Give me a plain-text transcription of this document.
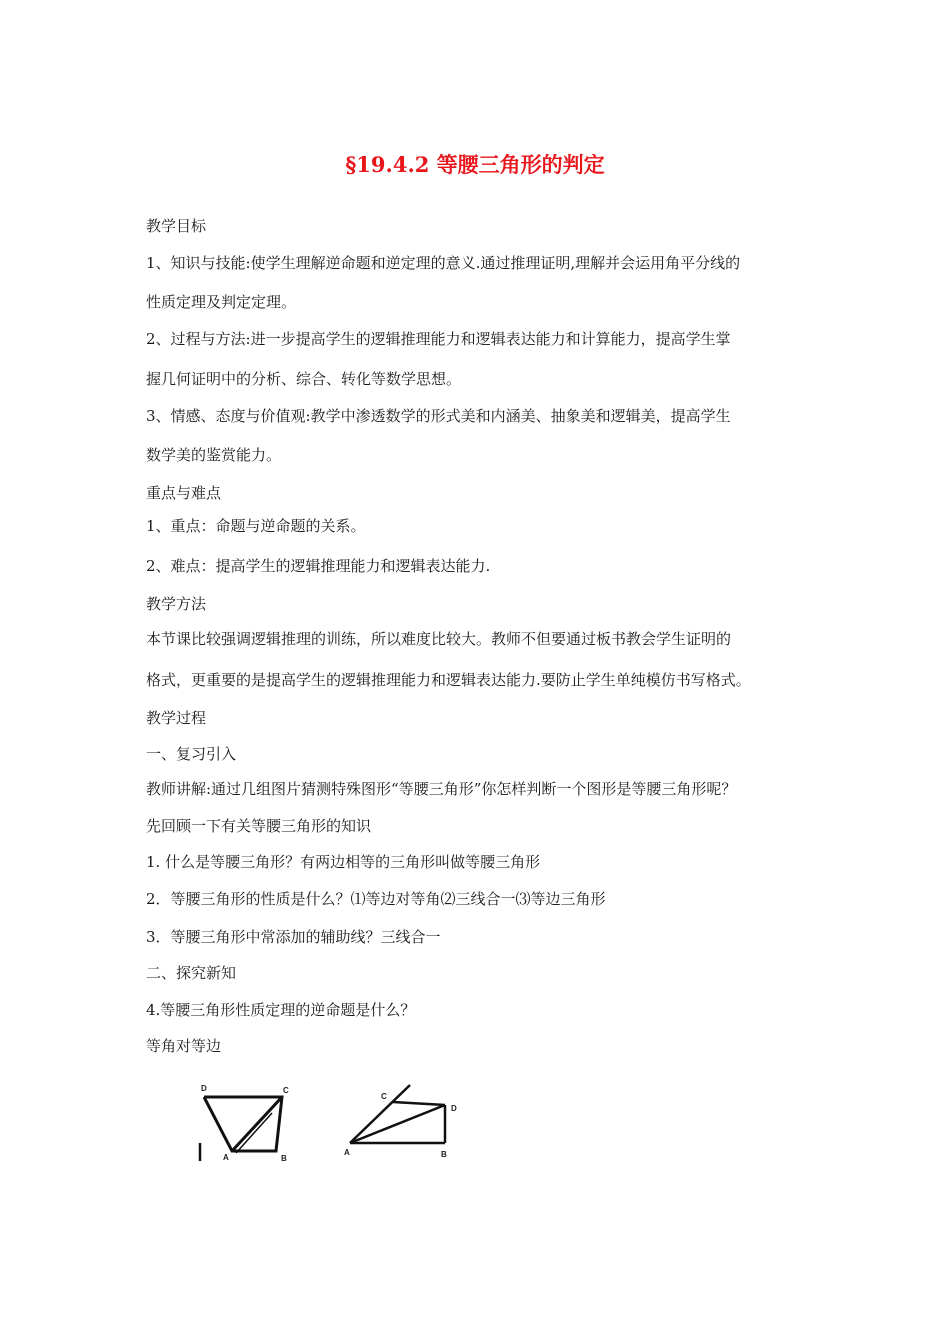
§19.4.2 等腰三角形的判定
教学目标
1、知识与技能:使学生理解逆命题和逆定理的意义.通过推理证明,理解并会运用角平分线的
性质定理及判定定理。
2、过程与方法:进一步提高学生的逻辑推理能力和逻辑表达能力和计算能力，提高学生掌
握几何证明中的分析、综合、转化等数学思想。
3、情感、态度与价值观:教学中渗透数学的形式美和内涵美、抽象美和逻辑美，提高学生
数学美的鉴赏能力。
重点与难点
1、重点：命题与逆命题的关系。
2、难点：提高学生的逻辑推理能力和逻辑表达能力.
教学方法
本节课比较强调逻辑推理的训练，所以难度比较大。教师不但要通过板书教会学生证明的
格式，更重要的是提高学生的逻辑推理能力和逻辑表达能力.要防止学生单纯模仿书写格式。
教学过程
一、复习引入
教师讲解:通过几组图片猜测特殊图形“等腰三角形”你怎样判断一个图形是等腰三角形呢？
先回顾一下有关等腰三角形的知识
1. 什么是等腰三角形？有两边相等的三角形叫做等腰三角形
2．等腰三角形的性质是什么？⑴等边对等角⑵三线合一⑶等边三角形
3．等腰三角形中常添加的辅助线？三线合一
二、探究新知
4.等腰三角形性质定理的逆命题是什么？
等角对等边
D	C
A	B
C
D
A	B
